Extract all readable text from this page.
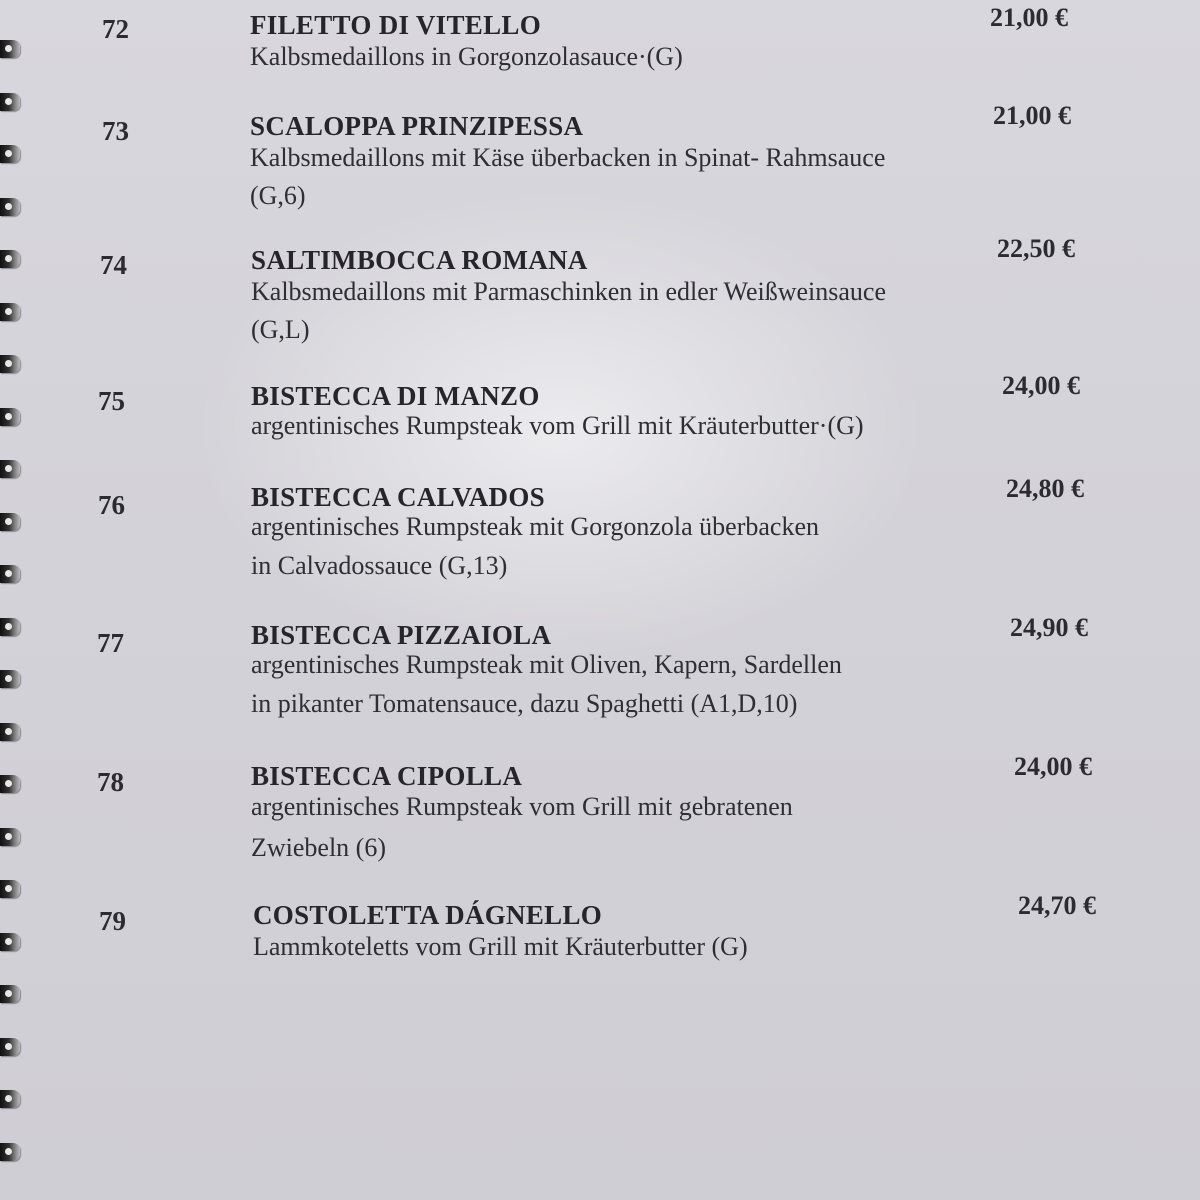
72	FILETTO DI VITELLO
Kalbsmedaillons in Gorgonzolasauce·(G)
21,00 €
73	SCALOPPA PRINZIPESSA
Kalbsmedaillons mit Käse überbacken in Spinat- Rahmsauce
(G,6)
21,00 €
74	SALTIMBOCCA ROMANA
Kalbsmedaillons mit Parmaschinken in edler Weißweinsauce
(G,L)
22,50 €
75	BISTECCA DI MANZO
argentinisches Rumpsteak vom Grill mit Kräuterbutter·(G)
24,00 €
76	BISTECCA CALVADOS
argentinisches Rumpsteak mit Gorgonzola überbacken
in Calvadossauce (G,13)
24,80 €
77	BISTECCA PIZZAIOLA
argentinisches Rumpsteak mit Oliven, Kapern, Sardellen
in pikanter Tomatensauce, dazu Spaghetti (A1,D,10)
24,90 €
78	BISTECCA CIPOLLA
argentinisches Rumpsteak vom Grill mit gebratenen
Zwiebeln (6)
24,00 €
79	COSTOLETTA DÁGNELLO
Lammkoteletts vom Grill mit Kräuterbutter (G)
24,70 €
